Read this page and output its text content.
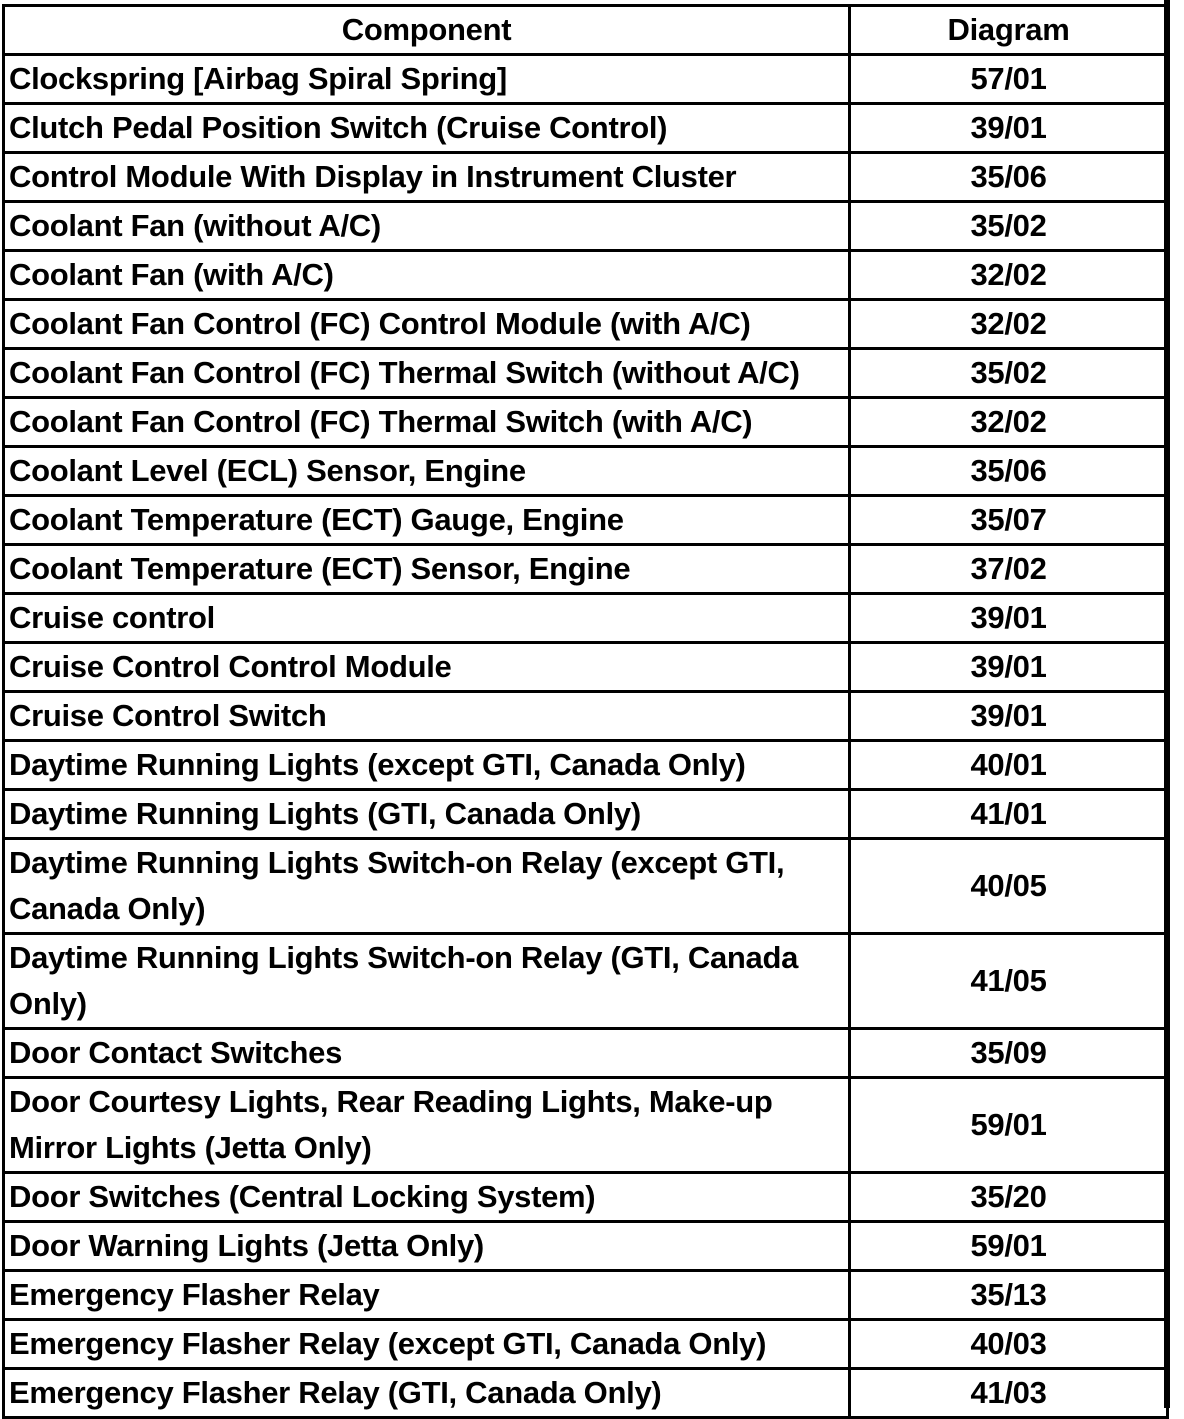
Component	Diagram
Clockspring [Airbag Spiral Spring]	57/01
Clutch Pedal Position Switch (Cruise Control)	39/01
Control Module With Display in Instrument Cluster	35/06
Coolant Fan (without A/C)	35/02
Coolant Fan (with A/C)	32/02
Coolant Fan Control (FC) Control Module (with A/C)	32/02
Coolant Fan Control (FC) Thermal Switch (without A/C)	35/02
Coolant Fan Control (FC) Thermal Switch (with A/C)	32/02
Coolant Level (ECL) Sensor, Engine	35/06
Coolant Temperature (ECT) Gauge, Engine	35/07
Coolant Temperature (ECT) Sensor, Engine	37/02
Cruise control	39/01
Cruise Control Control Module	39/01
Cruise Control Switch	39/01
Daytime Running Lights (except GTI, Canada Only)	40/01
Daytime Running Lights (GTI, Canada Only)	41/01
Daytime Running Lights Switch-on Relay (except GTI, Canada Only)	40/05
Daytime Running Lights Switch-on Relay (GTI, Canada Only)	41/05
Door Contact Switches	35/09
Door Courtesy Lights, Rear Reading Lights, Make-up Mirror Lights (Jetta Only)	59/01
Door Switches (Central Locking System)	35/20
Door Warning Lights (Jetta Only)	59/01
Emergency Flasher Relay	35/13
Emergency Flasher Relay (except GTI, Canada Only)	40/03
Emergency Flasher Relay (GTI, Canada Only)	41/03
